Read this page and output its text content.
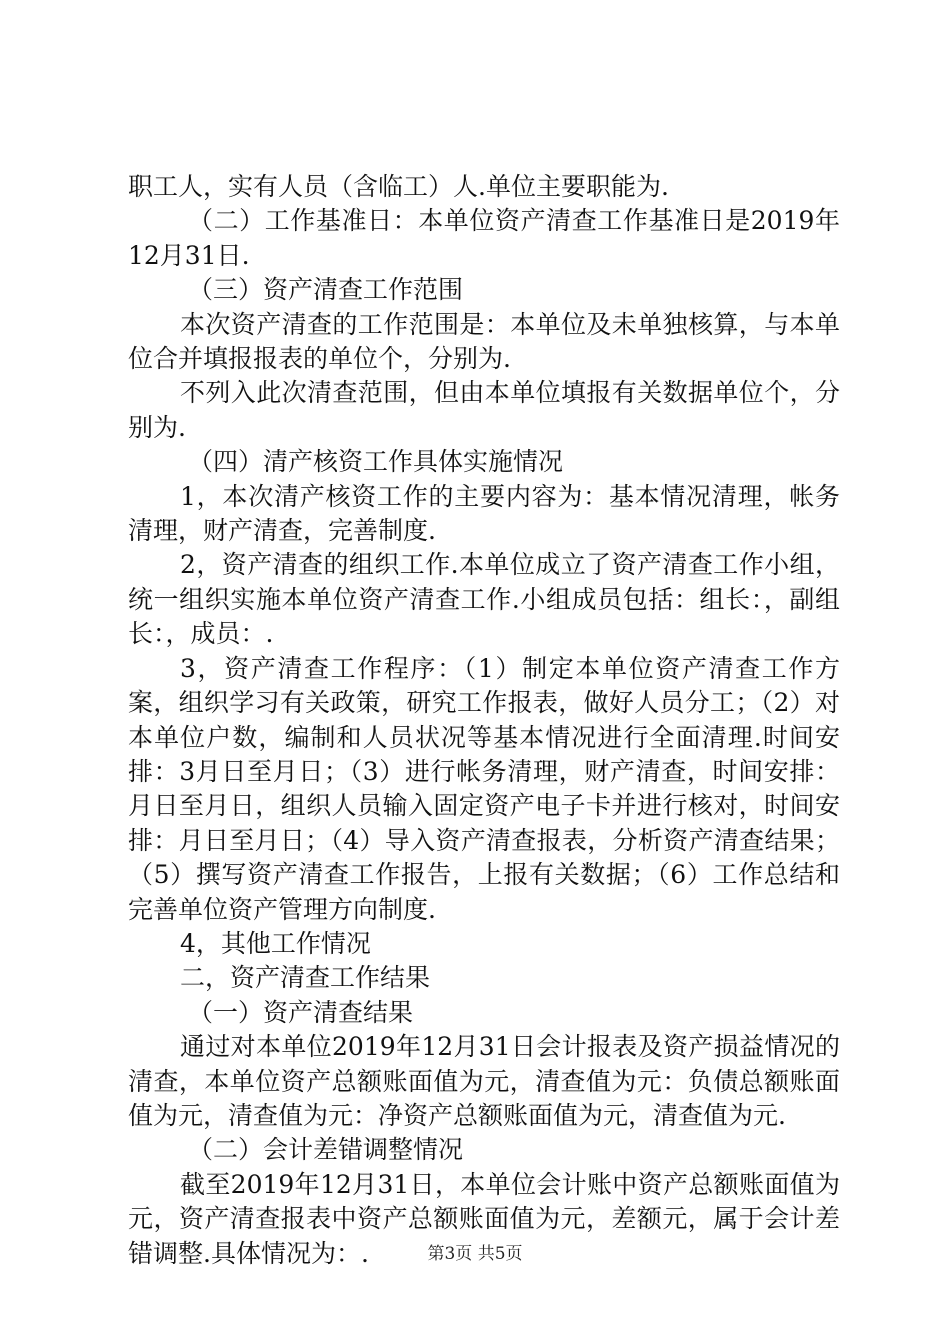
职工人，实有人员（含临工）人.单位主要职能为.

（二）工作基准日：本单位资产清查工作基准日是2019年12月31日.

（三）资产清查工作范围

本次资产清查的工作范围是：本单位及未单独核算，与本单位合并填报报表的单位个，分别为.

不列入此次清查范围，但由本单位填报有关数据单位个，分别为.

（四）清产核资工作具体实施情况

1，本次清产核资工作的主要内容为：基本情况清理，帐务清理，财产清查，完善制度.

2，资产清查的组织工作.本单位成立了资产清查工作小组，统一组织实施本单位资产清查工作.小组成员包括：组长：，副组长：，成员：.

3，资产清查工作程序：（1）制定本单位资产清查工作方案，组织学习有关政策，研究工作报表，做好人员分工；（2）对本单位户数，编制和人员状况等基本情况进行全面清理.时间安排：3月日至月日；（3）进行帐务清理，财产清查，时间安排：月日至月日，组织人员输入固定资产电子卡并进行核对，时间安排：月日至月日；（4）导入资产清查报表，分析资产清查结果；（5）撰写资产清查工作报告，上报有关数据；（6）工作总结和完善单位资产管理方向制度.

4，其他工作情况

二，资产清查工作结果

（一）资产清查结果

通过对本单位2019年12月31日会计报表及资产损益情况的清查，本单位资产总额账面值为元，清查值为元：负债总额账面值为元，清查值为元：净资产总额账面值为元，清查值为元.

（二）会计差错调整情况

截至2019年12月31日，本单位会计账中资产总额账面值为元，资产清查报表中资产总额账面值为元，差额元，属于会计差错调整.具体情况为：.	第3页 共5页
